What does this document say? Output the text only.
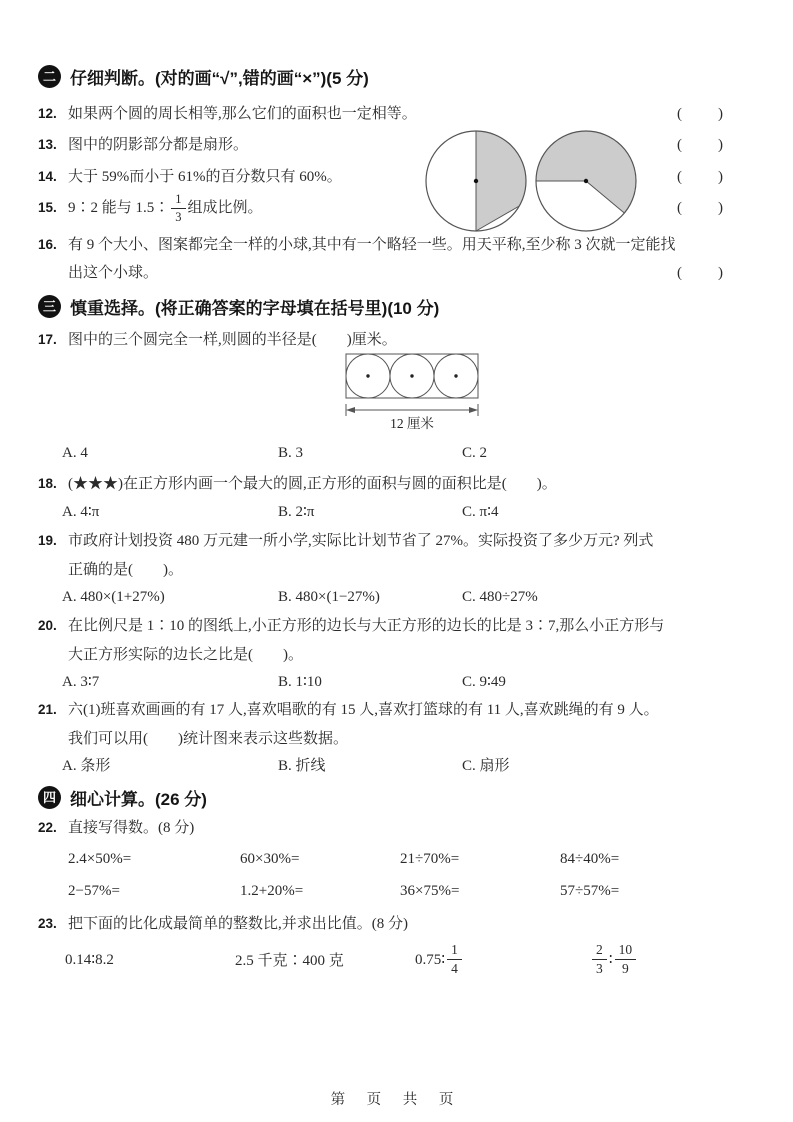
二 仔细判断。(对的画“√”,错的画“×”)(5 分)
12. 如果两个圆的周长相等,那么它们的面积也一定相等。	(　　)
13. 图中的阴影部分都是扇形。	(　　)
14. 大于 59%而小于 61%的百分数只有 60%。	(　　)
15. 9∶2 能与 1.5∶ $\frac{1}{3}$ 组成比例。	(　　)
16. 有 9 个大小、图案都完全一样的小球,其中有一个略轻一些。用天平称,至少称 3 次就一定能找
出这个小球。	(　　)
三 慎重选择。(将正确答案的字母填在括号里)(10 分)
17. 图中的三个圆完全一样,则圆的半径是(　　)厘米。
12 厘米
A. 4	B. 3	C. 2
18. (★★★)在正方形内画一个最大的圆,正方形的面积与圆的面积比是(　　)。
A. 4∶π	B. 2∶π	C. π∶4
19. 市政府计划投资 480 万元建一所小学,实际比计划节省了 27%。实际投资了多少万元? 列式
正确的是(　　)。
A. 480×(1+27%)	B. 480×(1−27%)	C. 480÷27%
20. 在比例尺是 1∶10 的图纸上,小正方形的边长与大正方形的边长的比是 3∶7,那么小正方形与
大正方形实际的边长之比是(　　)。
A. 3∶7	B. 1∶10	C. 9∶49
21. 六(1)班喜欢画画的有 17 人,喜欢唱歌的有 15 人,喜欢打篮球的有 11 人,喜欢跳绳的有 9 人。
我们可以用(　　)统计图来表示这些数据。
A. 条形	B. 折线	C. 扇形
四 细心计算。(26 分)
22. 直接写得数。(8 分)
2.4×50%=	60×30%=	21÷70%=	84÷40%=
2−57%=	1.2+20%=	36×75%=	57÷57%=
23. 把下面的比化成最简单的整数比,并求出比值。(8 分)
0.14∶8.2	2.5 千克∶400 克	0.75∶ $\frac{1}{4}$	$\frac{2}{3}$ ∶ $\frac{10}{9}$
第 页 共 页
